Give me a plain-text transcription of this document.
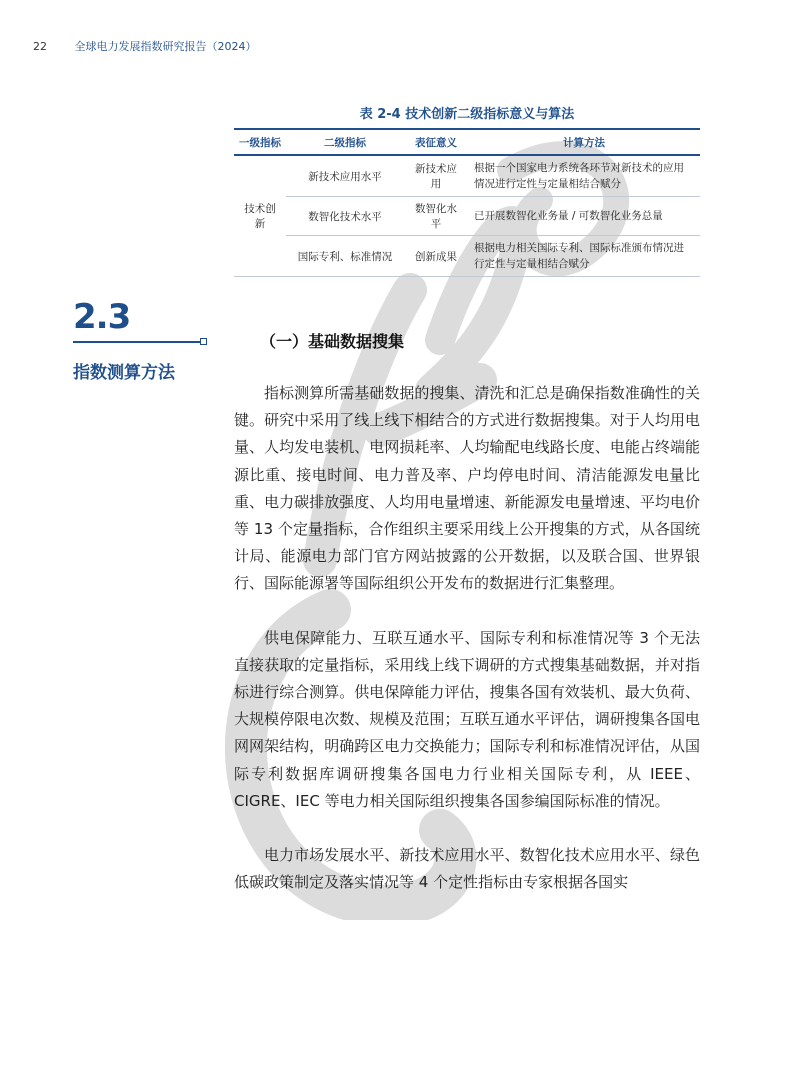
22	全球电力发展指数研究报告（2024）
表 2-4 技术创新二级指标意义与算法
一级指标	二级指标	表征意义	计算方法
技术创新	新技术应用水平	新技术应用	根据一个国家电力系统各环节对新技术的应用情况进行定性与定量相结合赋分
	数智化技术水平	数智化水平	已开展数智化业务量 / 可数智化业务总量
	国际专利、标准情况	创新成果	根据电力相关国际专利、国际标准颁布情况进行定性与定量相结合赋分
2.3
指数测算方法
（一）基础数据搜集

指标测算所需基础数据的搜集、清洗和汇总是确保指数准确性的关键。研究中采用了线上线下相结合的方式进行数据搜集。对于人均用电量、人均发电装机、电网损耗率、人均输配电线路长度、电能占终端能源比重、接电时间、电力普及率、户均停电时间、清洁能源发电量比重、电力碳排放强度、人均用电量增速、新能源发电量增速、平均电价等 13 个定量指标，合作组织主要采用线上公开搜集的方式，从各国统计局、能源电力部门官方网站披露的公开数据，以及联合国、世界银行、国际能源署等国际组织公开发布的数据进行汇集整理。

供电保障能力、互联互通水平、国际专利和标准情况等 3 个无法直接获取的定量指标，采用线上线下调研的方式搜集基础数据，并对指标进行综合测算。供电保障能力评估，搜集各国有效装机、最大负荷、大规模停限电次数、规模及范围；互联互通水平评估，调研搜集各国电网网架结构，明确跨区电力交换能力；国际专利和标准情况评估，从国际专利数据库调研搜集各国电力行业相关国际专利，从 IEEE、CIGRE、IEC 等电力相关国际组织搜集各国参编国际标准的情况。

电力市场发展水平、新技术应用水平、数智化技术应用水平、绿色低碳政策制定及落实情况等 4 个定性指标由专家根据各国实
